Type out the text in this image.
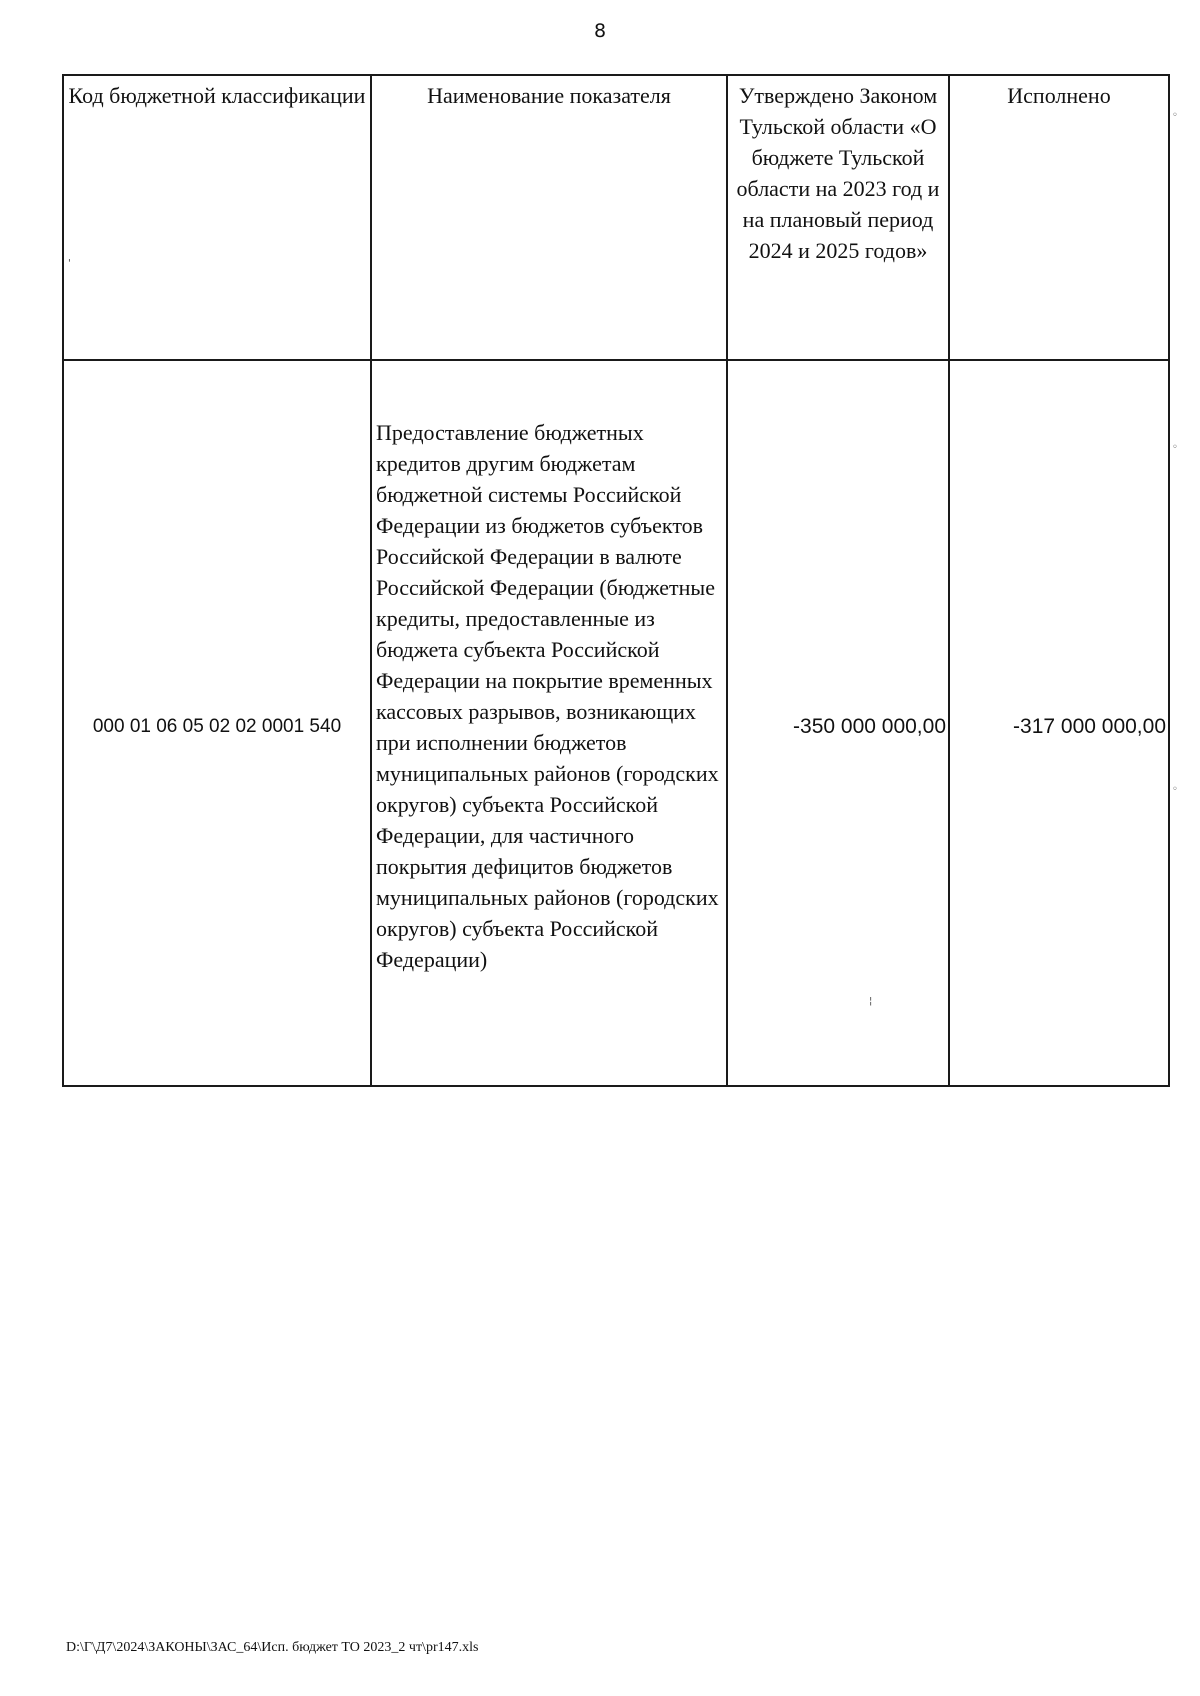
8
Код бюджетной классификации	Наименование показателя	Утверждено Законом Тульской области «О бюджете Тульской области на 2023 год и на плановый период 2024 и 2025 годов»	Исполнено
000 01 06 05 02 02 0001 540	Предоставление бюджетных кредитов другим бюджетам бюджетной системы Российской Федерации из бюджетов субъектов Российской Федерации в валюте Российской Федерации (бюджетные кредиты, предоставленные из бюджета субъекта Российской Федерации на покрытие временных кассовых разрывов, возникающих при исполнении бюджетов муниципальных районов (городских округов) субъекта Российской Федерации, для частичного покрытия дефицитов бюджетов муниципальных районов (городских округов) субъекта Российской Федерации)	-350 000 000,00	-317 000 000,00
◦
◦
◦
'
¦
D:\Г\Д7\2024\ЗАКОНЫ\ЗАС_64\Исп. бюджет ТО 2023_2 чт\pr147.xls
